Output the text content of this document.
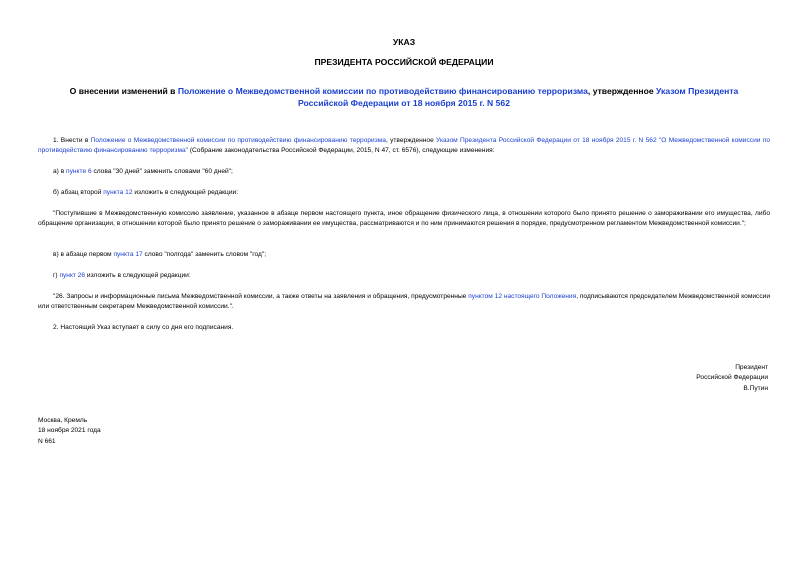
УКАЗ
ПРЕЗИДЕНТА РОССИЙСКОЙ ФЕДЕРАЦИИ
О внесении изменений в Положение о Межведомственной комиссии по противодействию финансированию терроризма, утвержденное Указом Президента Российской Федерации от 18 ноября 2015 г. N 562
1. Внести в Положение о Межведомственной комиссии по противодействию финансированию терроризма, утвержденное Указом Президента Российской Федерации от 18 ноября 2015 г. N 562 "О Межведомственной комиссии по противодействию финансированию терроризма" (Собрание законодательства Российской Федерации, 2015, N 47, ст. 6576), следующие изменения:
а) в пункте 6 слова "30 дней" заменить словами "60 дней";
б) абзац второй пункта 12 изложить в следующей редакции:
"Поступившие в Межведомственную комиссию заявление, указанное в абзаце первом настоящего пункта, иное обращение физического лица, в отношении которого было принято решение о замораживании его имущества, либо обращение организации, в отношении которой было принято решение о замораживании ее имущества, рассматриваются и по ним принимаются решения в порядке, предусмотренном регламентом Межведомственной комиссии.";
в) в абзаце первом пункта 17 слово "полгода" заменить словом "год";
г) пункт 26 изложить в следующей редакции:
"26. Запросы и информационные письма Межведомственной комиссии, а также ответы на заявления и обращения, предусмотренные пунктом 12 настоящего Положения, подписываются председателем Межведомственной комиссии или ответственным секретарем Межведомственной комиссии.".
2. Настоящий Указ вступает в силу со дня его подписания.
Президент
Российской Федерации
В.Путин
Москва, Кремль
18 ноября 2021 года
N 661
